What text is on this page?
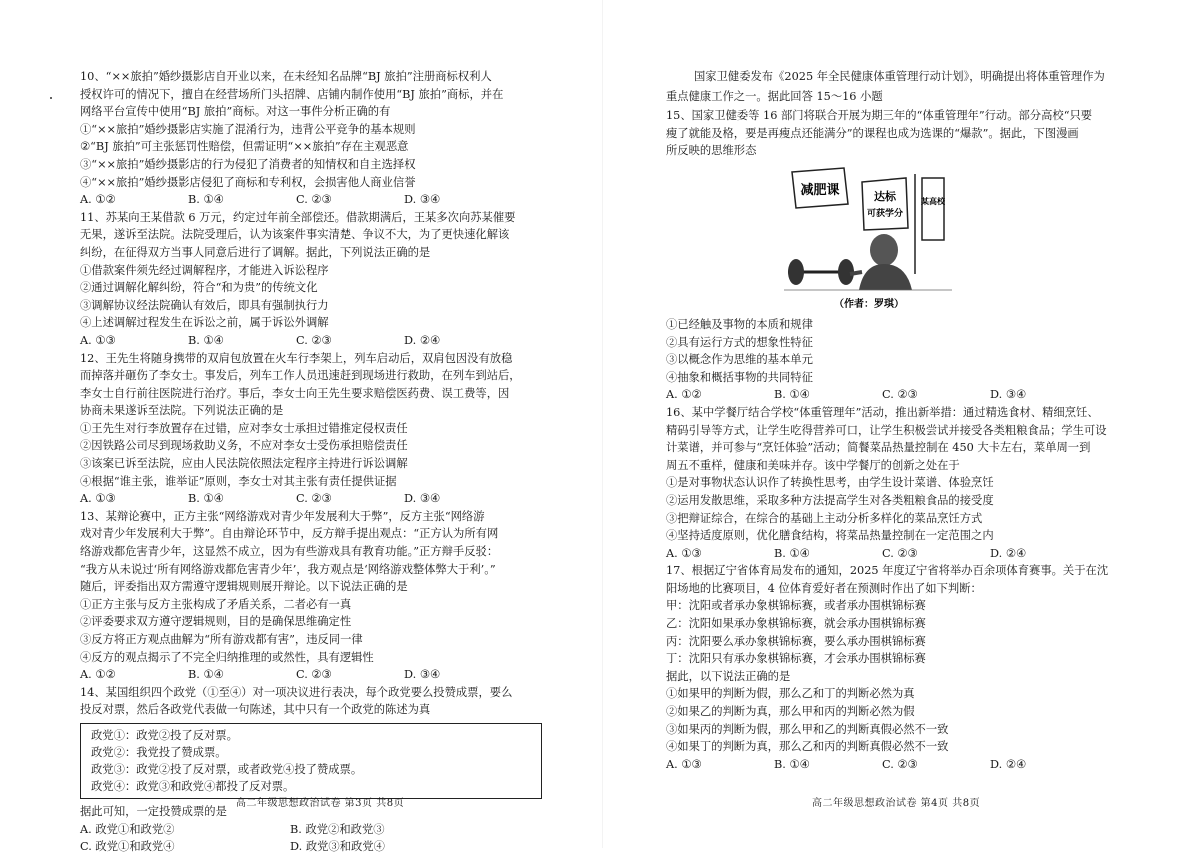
10、“××旅拍”婚纱摄影店自开业以来，在未经知名品牌“BJ 旅拍”注册商标权利人

授权许可的情况下，擅自在经营场所门头招牌、店铺内制作使用“BJ 旅拍”商标，并在

网络平台宣传中使用“BJ 旅拍”商标。对这一事件分析正确的有

①“××旅拍”婚纱摄影店实施了混淆行为，违背公平竞争的基本规则

②“BJ 旅拍”可主张惩罚性赔偿，但需证明“××旅拍”存在主观恶意

③“××旅拍”婚纱摄影店的行为侵犯了消费者的知情权和自主选择权

④“××旅拍”婚纱摄影店侵犯了商标和专利权，会损害他人商业信誉

A. ①②	B. ①④	C. ②③	D. ③④

11、苏某向王某借款 6 万元，约定过年前全部偿还。借款期满后，王某多次向苏某催要

无果，遂诉至法院。法院受理后，认为该案件事实清楚、争议不大，为了更快速化解该

纠纷，在征得双方当事人同意后进行了调解。据此，下列说法正确的是

①借款案件须先经过调解程序，才能进入诉讼程序

②通过调解化解纠纷，符合“和为贵”的传统文化

③调解协议经法院确认有效后，即具有强制执行力

④上述调解过程发生在诉讼之前，属于诉讼外调解

A. ①③	B. ①④	C. ②③	D. ②④

12、王先生将随身携带的双肩包放置在火车行李架上，列车启动后，双肩包因没有放稳

而掉落并砸伤了李女士。事发后，列车工作人员迅速赶到现场进行救助，在列车到站后，

李女士自行前往医院进行治疗。事后，李女士向王先生要求赔偿医药费、误工费等，因

协商未果遂诉至法院。下列说法正确的是

①王先生对行李放置存在过错，应对李女士承担过错推定侵权责任

②因铁路公司尽到现场救助义务，不应对李女士受伤承担赔偿责任

③该案已诉至法院，应由人民法院依照法定程序主持进行诉讼调解

④根据“谁主张，谁举证”原则，李女士对其主张有责任提供证据

A. ①③	B. ①④	C. ②③	D. ③④

13、某辩论赛中，正方主张“网络游戏对青少年发展利大于弊”，反方主张“网络游

戏对青少年发展利大于弊”。自由辩论环节中，反方辩手提出观点：“正方认为所有网

络游戏都危害青少年，这显然不成立，因为有些游戏具有教育功能。”正方辩手反驳：

“我方从未说过‘所有网络游戏都危害青少年’，我方观点是‘网络游戏整体弊大于利’。”

随后，评委指出双方需遵守逻辑规则展开辩论。以下说法正确的是

①正方主张与反方主张构成了矛盾关系，二者必有一真

②评委要求双方遵守逻辑规则，目的是确保思维确定性

③反方将正方观点曲解为“所有游戏都有害”，违反同一律

④反方的观点揭示了不完全归纳推理的或然性，具有逻辑性

A. ①②	B. ①④	C. ②③	D. ③④

14、某国组织四个政党（①至④）对一项决议进行表决，每个政党要么投赞成票，要么

投反对票，然后各政党代表做一句陈述，其中只有一个政党的陈述为真

政党①：政党②投了反对票。

政党②：我党投了赞成票。

政党③：政党②投了反对票，或者政党④投了赞成票。

政党④：政党③和政党④都投了反对票。

据此可知，一定投赞成票的是

A. 政党①和政党②	B. 政党②和政党③

C. 政党①和政党④	D. 政党③和政党④

国家卫健委发布《2025 年全民健康体重管理行动计划》，明确提出将体重管理作为

重点健康工作之一。据此回答 15～16 小题

15、国家卫健委等 16 部门将联合开展为期三年的“体重管理年”行动。部分高校“只要

瘦了就能及格，要是再瘦点还能满分”的课程也成为选课的“爆款”。据此，下图漫画

所反映的思维形态

减肥课	达标
可获学分
某高校
（作者：罗琪）

①已经触及事物的本质和规律

②具有运行方式的想象性特征

③以概念作为思维的基本单元

④抽象和概括事物的共同特征

A. ①②	B. ①④	C. ②③	D. ③④

16、某中学餐厅结合学校“体重管理年”活动，推出新举措：通过精选食材、精细烹饪、

精码引导等方式，让学生吃得营养可口，让学生积极尝试并接受各类粗粮食品；学生可设

计菜谱，并可参与“烹饪体验”活动；简餐菜品热量控制在 450 大卡左右，菜单周一到

周五不重样，健康和美味并存。该中学餐厅的创新之处在于

①是对事物状态认识作了转换性思考，由学生设计菜谱、体验烹饪

②运用发散思维，采取多种方法提高学生对各类粗粮食品的接受度

③把辩证综合，在综合的基础上主动分析多样化的菜品烹饪方式

④坚持适度原则，优化膳食结构，将菜品热量控制在一定范围之内

A. ①③	B. ①④	C. ②③	D. ②④

17、根据辽宁省体育局发布的通知，2025 年度辽宁省将举办百余项体育赛事。关于在沈

阳场地的比赛项目，4 位体育爱好者在预测时作出了如下判断：

甲：沈阳或者承办象棋锦标赛，或者承办围棋锦标赛

乙：沈阳如果承办象棋锦标赛，就会承办围棋锦标赛

丙：沈阳要么承办象棋锦标赛，要么承办围棋锦标赛

丁：沈阳只有承办象棋锦标赛，才会承办围棋锦标赛

据此，以下说法正确的是

①如果甲的判断为假，那么乙和丁的判断必然为真

②如果乙的判断为真，那么甲和丙的判断必然为假

③如果丙的判断为假，那么甲和乙的判断真假必然不一致

④如果丁的判断为真，那么乙和丙的判断真假必然不一致

A. ①③	B. ①④	C. ②③	D. ②④

高二年级思想政治试卷 第3页 共8页	高二年级思想政治试卷 第4页 共8页
